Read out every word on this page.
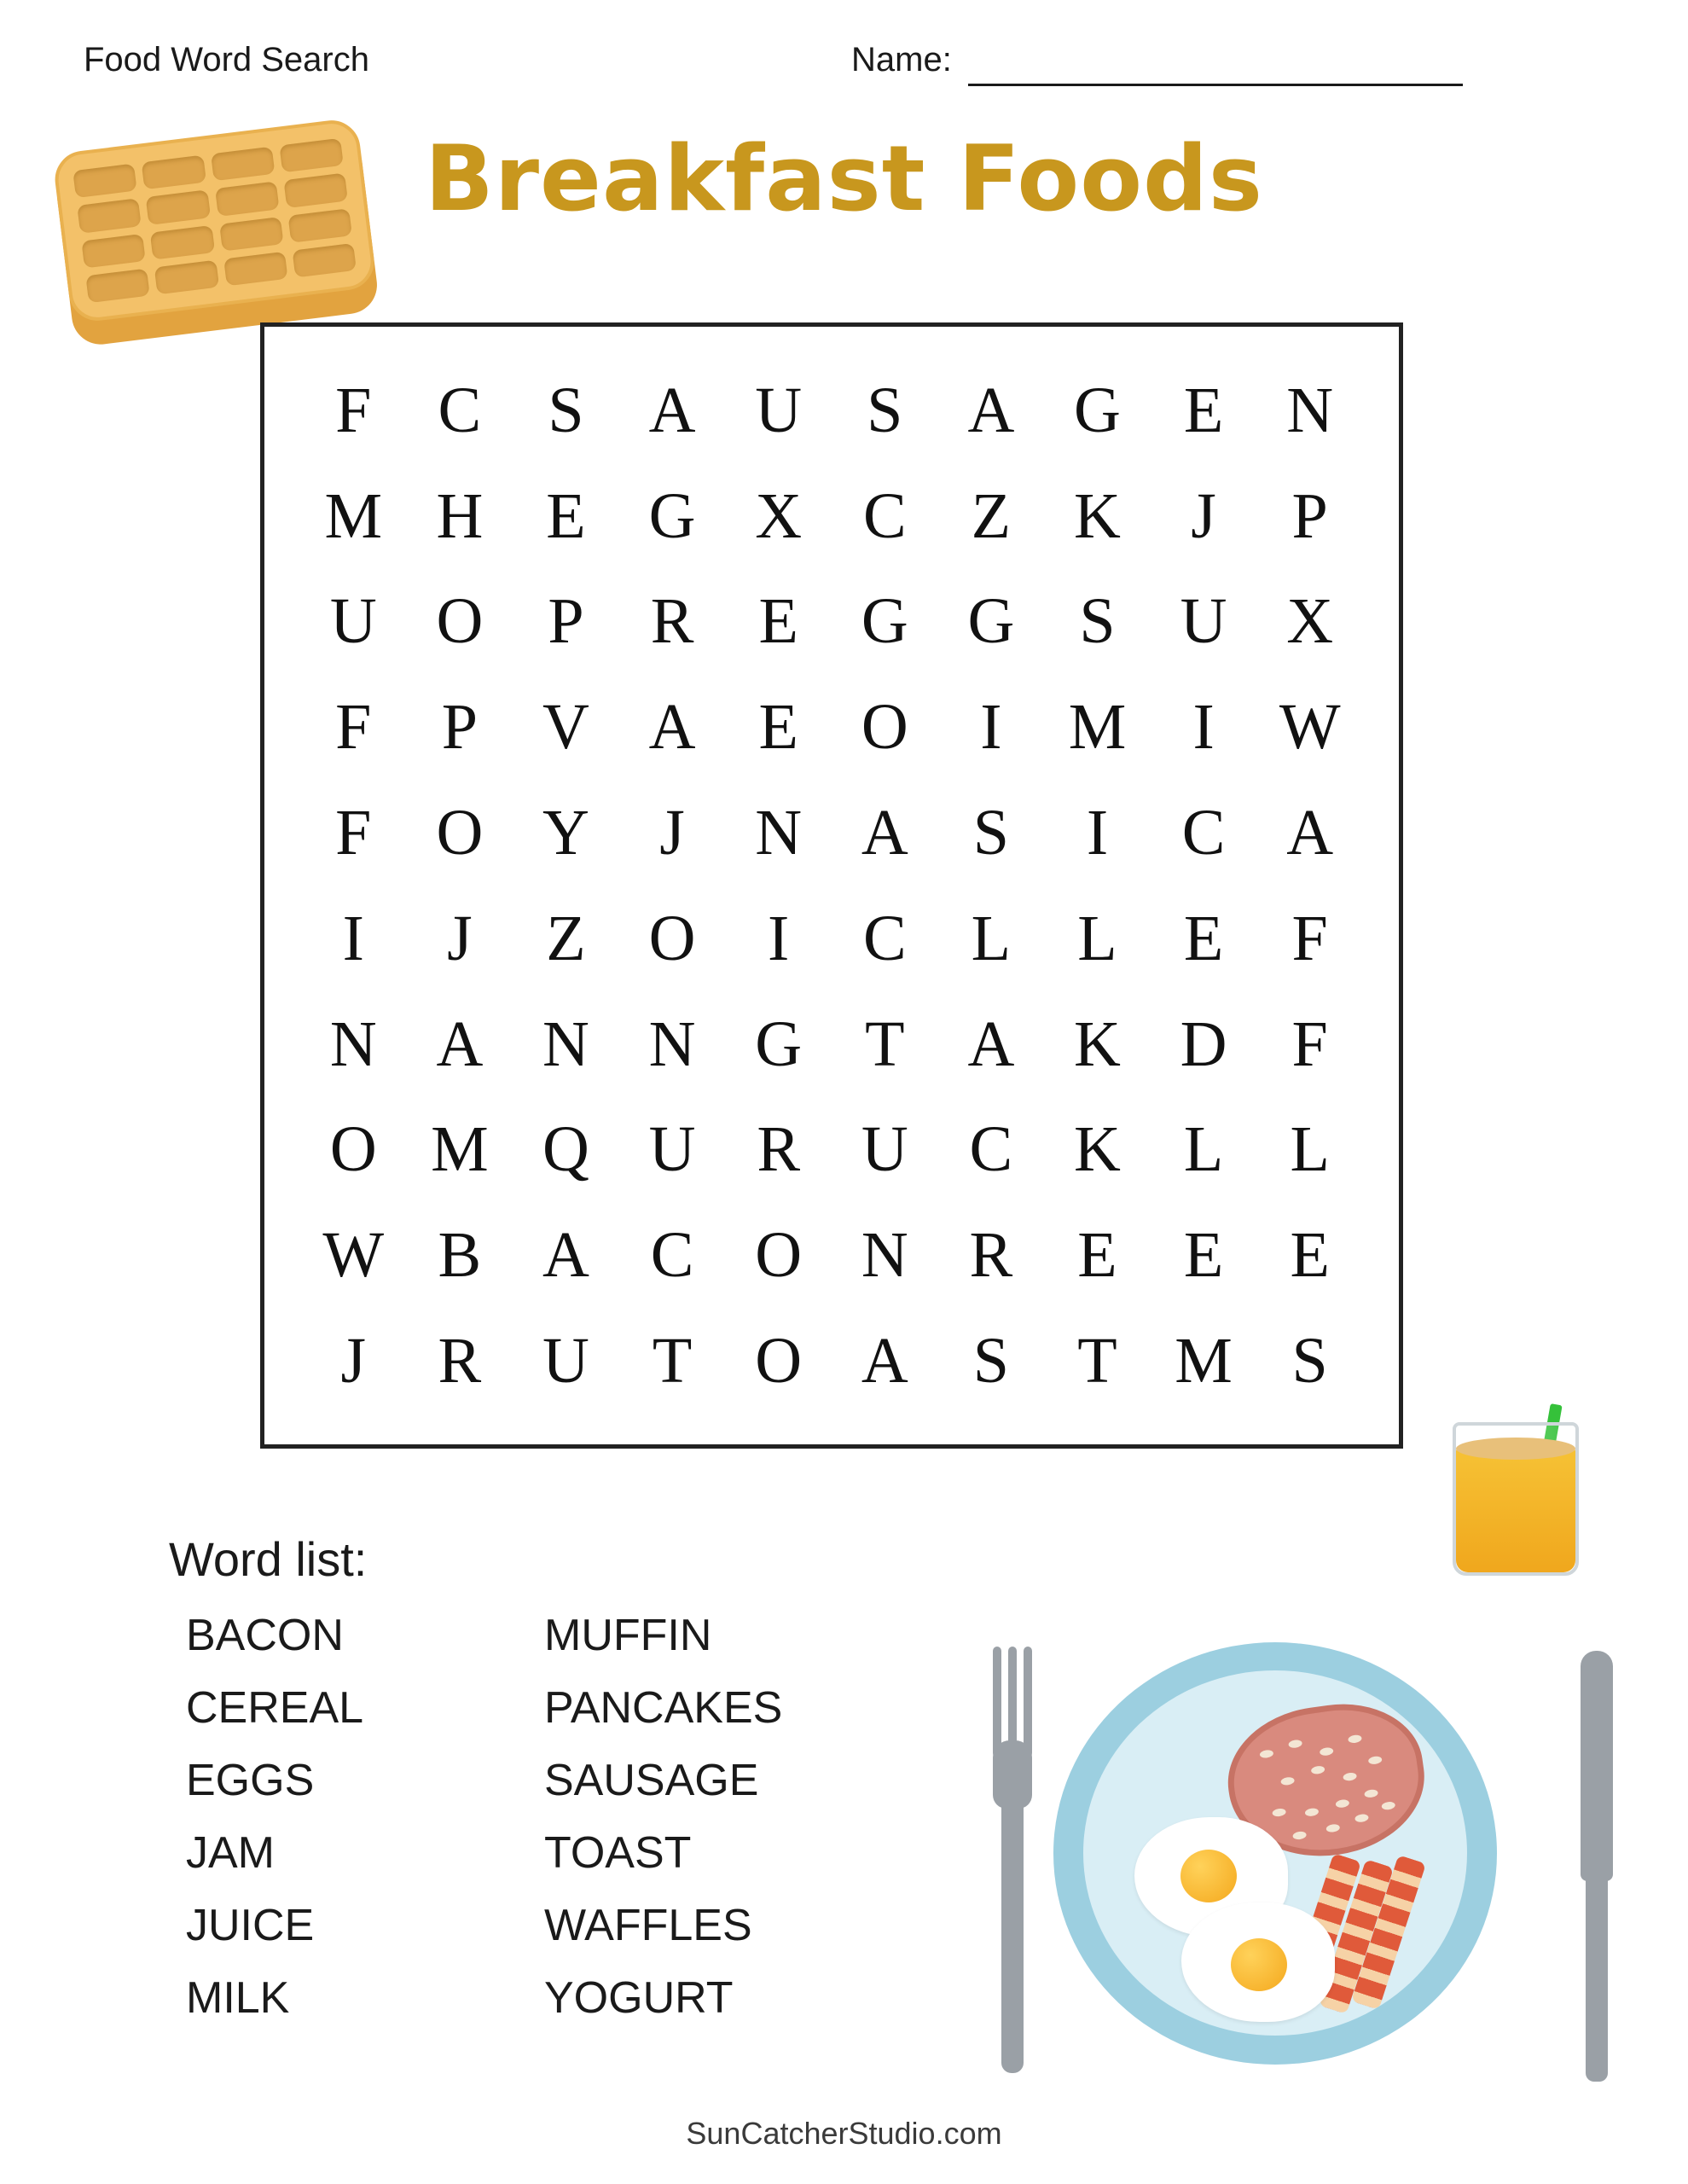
Food Word Search	Name:
Breakfast Foods
F	C	S	A U	S	A G E N
M H E G X C	Z K	J	P
U O	P	R	E G G	S	U X
F	P	V A E O	I	M	I	W
F	O Y	J	N A	S	I	C A
I	J	Z O	I	C	L	L	E	F
N A N N G T A K D	F
O M Q U R U C K L	L
W B A C O N R	E	E	E
J	R U T O A	S	T M S
Word list:
BACON
CEREAL
EGGS
JAM
JUICE
MILK
MUFFIN
PANCAKES
SAUSAGE
TOAST
WAFFLES
YOGURT
SunCatcherStudio.com
